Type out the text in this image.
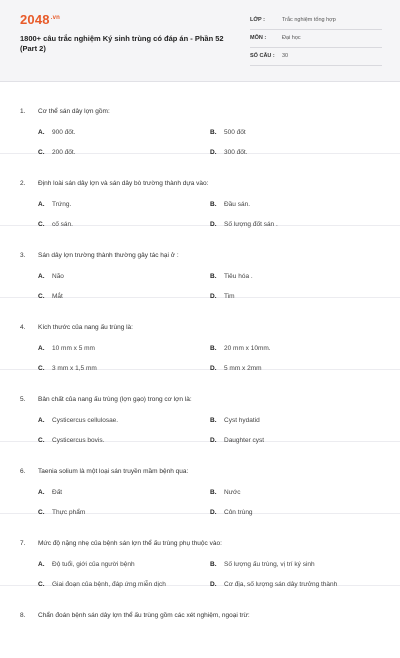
$2048^{.vn}$
1800+ câu trắc nghiệm Ký sinh trùng có đáp án - Phần 52 (Part 2)
LỚP :	Trắc nghiệm tổng hợp
MÔN :	Đại học
SỐ CÂU : 30
1. Cơ thể sán dây lợn gồm:
A. 900 đốt.	B. 500 đốt
C. 200 đốt.	D. 300 đốt.
2. Định loài sán dây lợn và sán dây bò trường thành dựa vào:
A. Trứng.	B. Đầu sán.
C. cố sán.	D. Số lượng đốt sán .
3. Sán dây lợn trường thành thường gây tác hại ở :
A. Não	B. Tiêu hóa .
C. Mắt	D. Tim
4. Kích thước của nang ấu trùng là:
A. 10 mm x 5 mm	B. 20 mm x 10mm.
C. 3 mm x 1,5 mm	D. 5 mm x 2mm
5. Bản chất của nang ấu trùng (lợn gạo) trong cơ lợn là:
A. Cysticercus cellulosae.	B. Cyst hydatid
C. Cysticercus bovis.	D. Daughter cyst
6. Taenia solium là một loại sán truyền mầm bệnh qua:
A. Đất	B. Nước
C. Thực phẩm	D. Côn trùng
7. Mức độ nặng nhẹ của bệnh sán lợn thể ấu trùng phụ thuộc vào:
A. Độ tuổi, giới của người bệnh	B. Số lượng ấu trùng, vị trí ký sinh
C. Giai đoạn của bệnh, đáp ứng miễn dịch	D. Cơ địa, số lượng sán dây trưởng thành
8. Chẩn đoán bệnh sán dây lợn thể ấu trùng gồm các xét nghiệm, ngoại trừ:
